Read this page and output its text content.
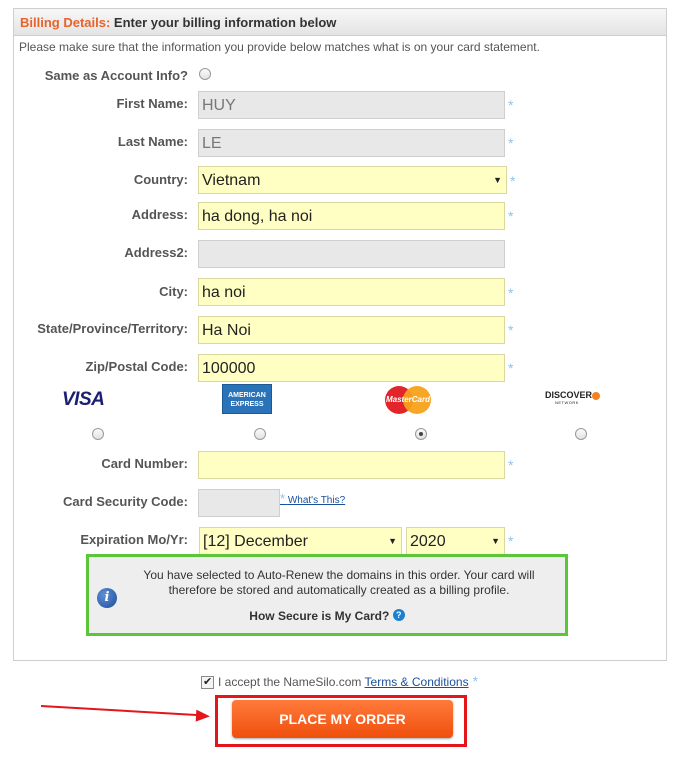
Billing Details: Enter your billing information below
Please make sure that the information you provide below matches what is on your card statement.
Same as Account Info?
First Name: HUY	*
Last Name: LE	*
Country: Vietnam ▼	*
Address: ha dong, ha noi	*
Address2:
City: ha noi	*
State/Province/Territory: Ha Noi	*
Zip/Postal Code: 100000	*
VISA	AMERICAN
EXPRESS
MasterCard	DISCOVER
NETWORK
Card Number:	*
Card Security Code:	* What's This?
Expiration Mo/Yr: [12] December ▼	2020 ▼	*
i
You have selected to Auto-Renew the domains in this order. Your card will therefore be stored and automatically created as a billing profile.
How Secure is My Card? ?
✔I accept the NameSilo.com Terms & Conditions *
PLACE MY ORDER
